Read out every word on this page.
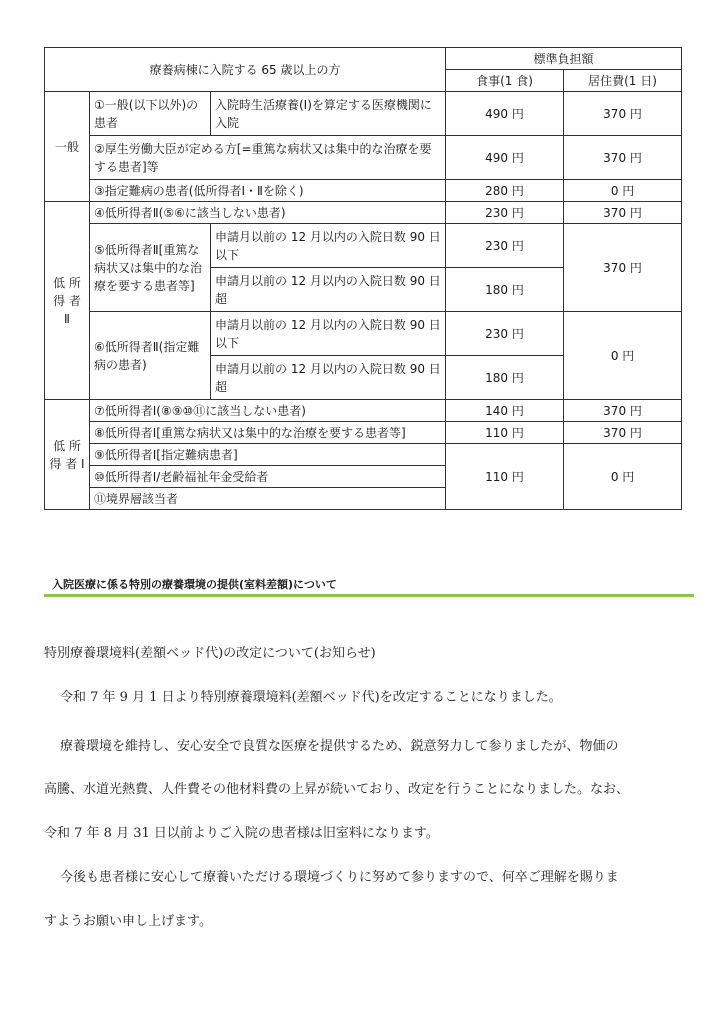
療養病棟に入院する 65 歳以上の方			標準負担額	
			食事(1 食)	居住費(1 日)
一般	①一般(以下以外)の患者	入院時生活療養(Ⅰ)を算定する医療機関に入院	490 円	370 円
	②厚生労働大臣が定める方[=重篤な病状又は集中的な治療を要する患者]等		490 円	370 円
	③指定難病の患者(低所得者Ⅰ・Ⅱを除く)		280 円	0 円
低 所 得 者 Ⅱ	④低所得者Ⅱ(⑤⑥に該当しない患者)		230 円	370 円
	⑤低所得者Ⅱ[重篤な病状又は集中的な治療を要する患者等]	申請月以前の 12 月以内の入院日数 90 日以下	230 円	370 円
		申請月以前の 12 月以内の入院日数 90 日超	180 円	
	⑥低所得者Ⅱ(指定難病の患者)	申請月以前の 12 月以内の入院日数 90 日以下	230 円	0 円
		申請月以前の 12 月以内の入院日数 90 日超	180 円	
低 所 得 者 Ⅰ	⑦低所得者Ⅰ(⑧⑨⑩⑪に該当しない患者)		140 円	370 円
	⑧低所得者Ⅰ[重篤な病状又は集中的な治療を要する患者等]		110 円	370 円
	⑨低所得者Ⅰ[指定難病患者]		110 円	0 円
	⑩低所得者Ⅰ/老齢福祉年金受給者			
	⑪境界層該当者			
入院医療に係る特別の療養環境の提供(室料差額)について
特別療養環境料(差額ベッド代)の改定について(お知らせ)
令和 7 年 9 月 1 日より特別療養環境料(差額ベッド代)を改定することになりました。
療養環境を維持し、安心安全で良質な医療を提供するため、鋭意努力して参りましたが、物価の
高騰、水道光熱費、人件費その他材料費の上昇が続いており、改定を行うことになりました。なお、
令和 7 年 8 月 31 日以前よりご入院の患者様は旧室料になります。
今後も患者様に安心して療養いただける環境づくりに努めて参りますので、何卒ご理解を賜りま
すようお願い申し上げます。
